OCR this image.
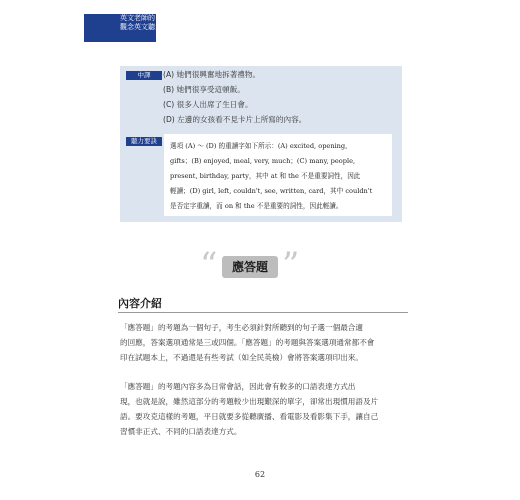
英文老師的
觀念英文聽力
中譯	(A) 她們很興奮地拆著禮物。
(B) 她們很享受這頓飯。
(C) 很多人出席了生日會。
(D) 左邊的女孩看不見卡片上所寫的內容。
聽力要訣
選項 (A) ～ (D) 的重讀字如下所示：(A) excited, opening,
gifts；(B) enjoyed, meal, very, much；(C) many, people,
present, birthday, party，其中 at 和 the 不是重要詞性，因此
輕讀；(D) girl, left, couldn't, see, written, card，其中 couldn't
是否定字重讀，而 on 和 the 不是重要的詞性，因此輕讀。
“	應答題 ”
內容介紹
「應答題」的考題為一個句子，考生必須針對所聽到的句子選一個最合適
的回應，答案選項通常是三或四個。「應答題」的考題與答案選項通常都不會
印在試題本上，不過還是有些考試（如全民英檢）會將答案選項印出來。
「應答題」的考題內容多為日常會話，因此會有較多的口語表達方式出
現，也就是說，雖然這部分的考題較少出現艱深的單字，卻常出現慣用語及片
語。要攻克這樣的考題，平日就要多從聽廣播、看電影及看影集下手，讓自己
習慣非正式、不同的口語表達方式。
62
